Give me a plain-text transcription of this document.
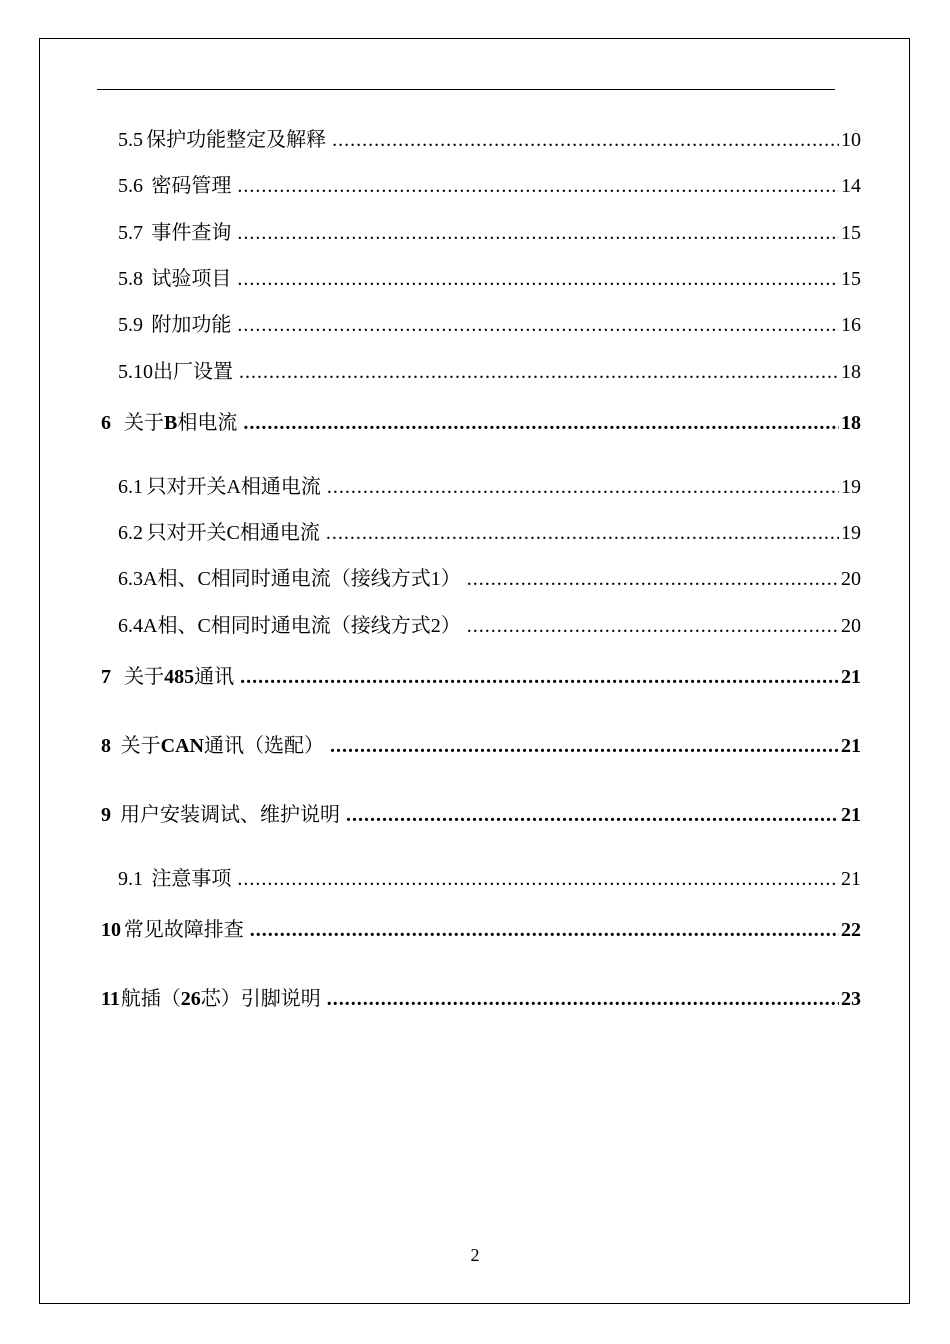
5.5 保护功能整定及解释 .....	10
5.6 密码管理 .....	14
5.7 事件查询 .....	15
5.8 试验项目 .....	15
5.9 附加功能 .....	16
5.10 出厂设置 .....	18
6 关于B相电流 .....	18
6.1 只对开关A相通电流 .....	19
6.2 只对开关C相通电流 .....	19
6.3 A相、C相同时通电流（接线方式1） .....	20
6.4 A相、C相同时通电流（接线方式2） .....	20
7 关于485通讯 .....	21
8 关于CAN通讯（选配） .....	21
9 用户安装调试、维护说明 .....	21
9.1 注意事项 .....	21
10 常见故障排查 .....	22
11 航插（26芯）引脚说明 .....	23
2
